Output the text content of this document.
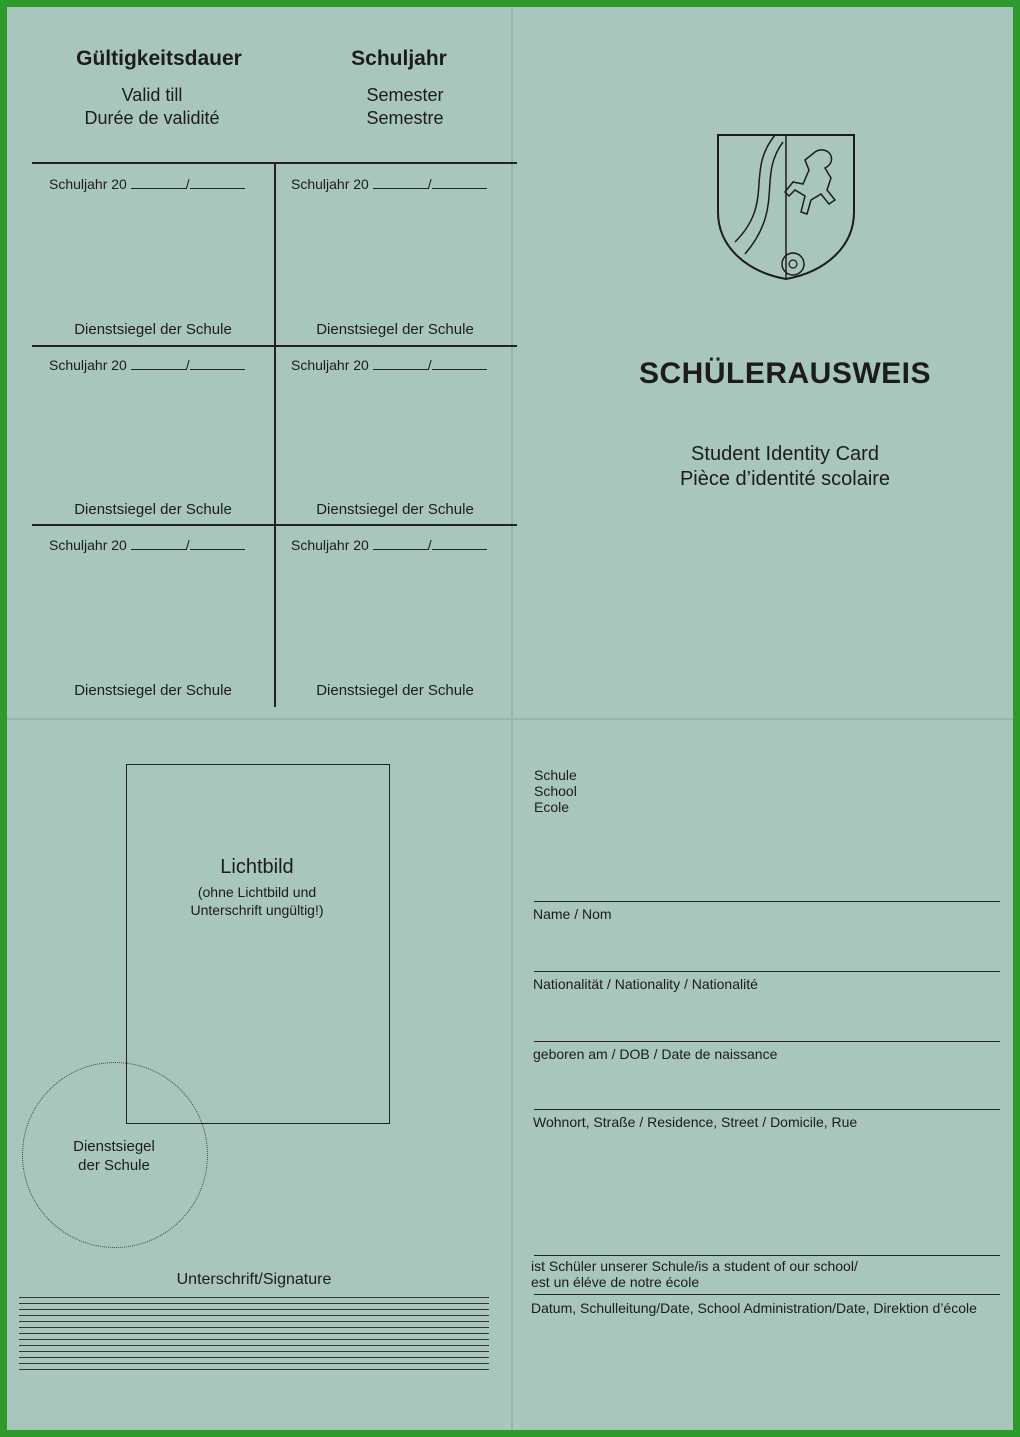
Gültigkeitsdauer
Valid till
Durée de validité
Schuljahr
Semester
Semestre
Schuljahr 20	/	Schuljahr 20	/
Dienstsiegel der Schule	Dienstsiegel der Schule
Schuljahr 20	/	Schuljahr 20	/
Dienstsiegel der Schule	Dienstsiegel der Schule
Schuljahr 20	/	Schuljahr 20	/
Dienstsiegel der Schule	Dienstsiegel der Schule
SCHÜLERAUSWEIS
Student Identity Card
Pièce d’identité scolaire
Lichtbild
(ohne Lichtbild und
Unterschrift ungültig!)
Dienstsiegel
der Schule
Unterschrift/Signature
Schule
School
Ecole
Name / Nom
Nationalität / Nationality / Nationalité
geboren am / DOB / Date de naissance
Wohnort, Straße / Residence, Street / Domicile, Rue
ist Schüler unserer Schule/is a student of our school/
est un éléve de notre école
Datum, Schulleitung/Date, School Administration/Date, Direktion d’école
